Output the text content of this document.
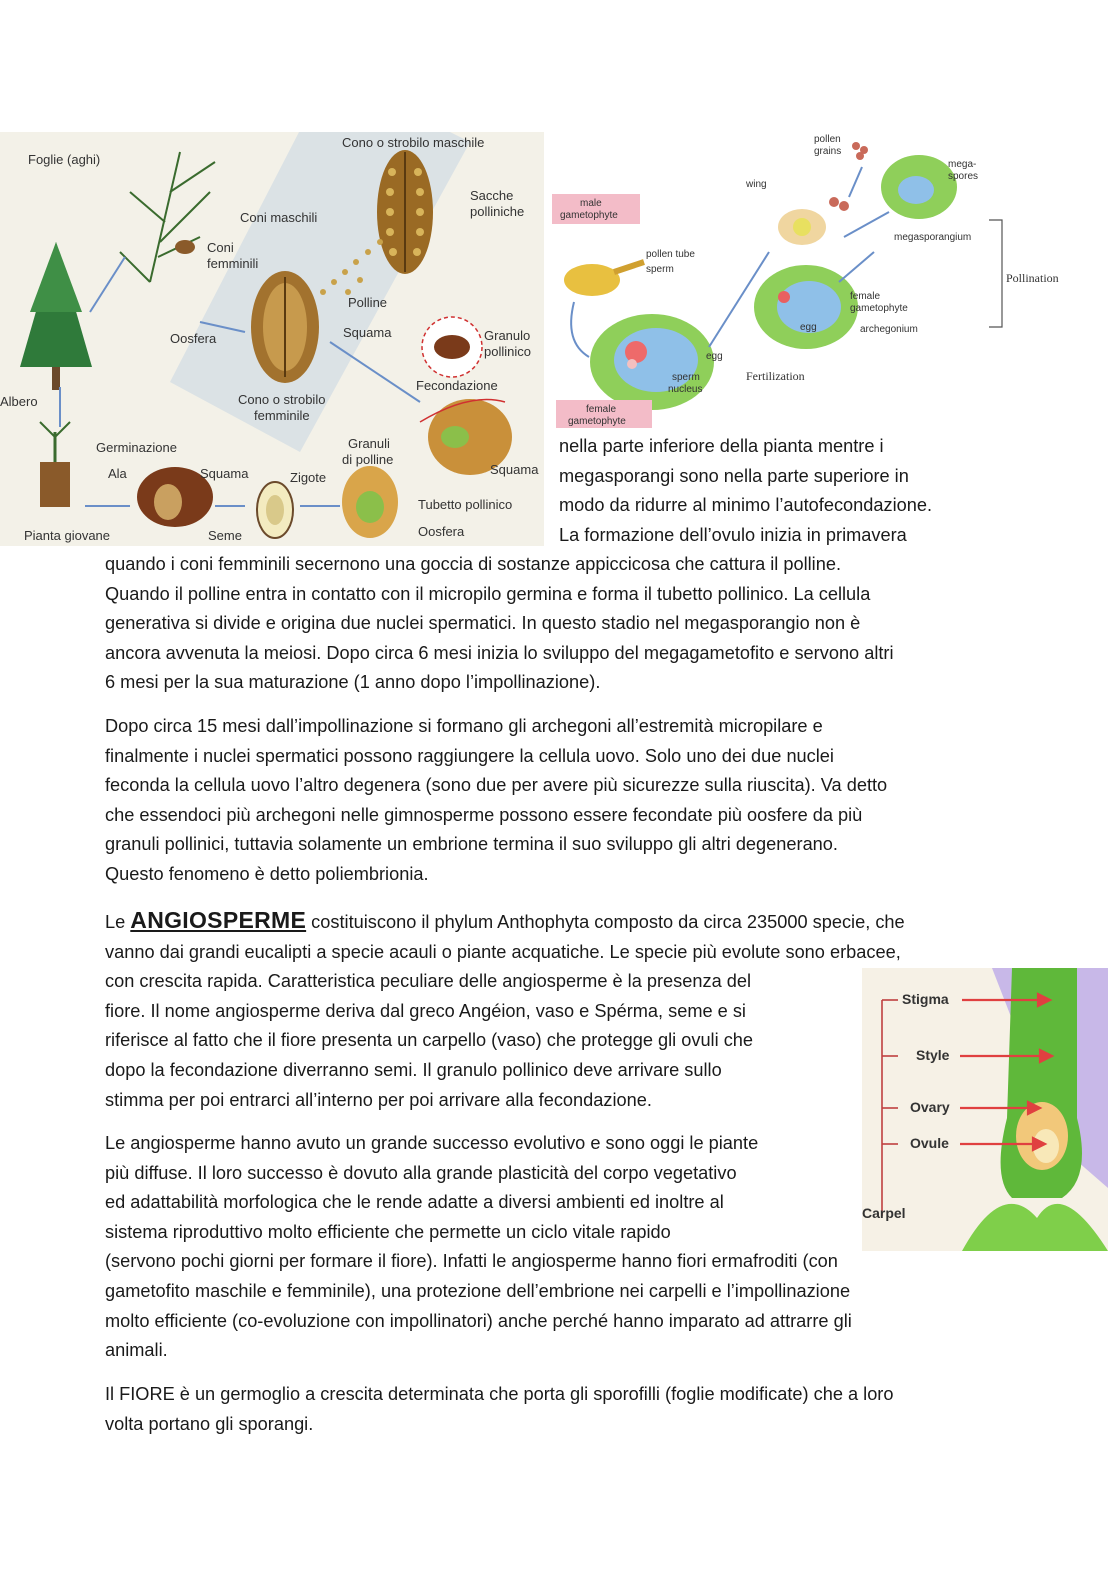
Foglie (aghi)
Cono o strobilo maschile
Sacche
polliniche
Coni maschili
Coni
femminili
Polline
Oosfera	Squama	Granulo
pollinico
Albero	Cono o strobilo
femminile
Fecondazione
Germinazione	Granuli
di polline
Ala	Squama	Zigote
Squama
Tubetto pollinico
Pianta giovane	Seme	Oosfera
pollen
grains
mega-
spores
wing
male
gametophyte
megasporangium
pollen tube
sperm
Pollination
female
gametophyte
egg	archegonium
egg
sperm
nucleus
Fertilization
female
gametophyte
Stigma
Style
Ovary
Ovule
Carpel
nella parte inferiore della pianta mentre i
megasporangi sono nella parte superiore in
modo da ridurre al minimo l’autofecondazione.
La formazione dell’ovulo inizia in primavera
quando i coni femminili secernono una goccia di sostanze appiccicosa che cattura il polline.
Quando il polline entra in contatto con il micropilo germina e forma il tubetto pollinico. La cellula
generativa si divide e origina due nuclei spermatici. In questo stadio nel megasporangio non è
ancora avvenuta la meiosi. Dopo circa 6 mesi inizia lo sviluppo del megagametofito e servono altri
6 mesi per la sua maturazione (1 anno dopo l’impollinazione).
Dopo circa 15 mesi dall’impollinazione si formano gli archegoni all’estremità micropilare e
finalmente i nuclei spermatici possono raggiungere la cellula uovo. Solo uno dei due nuclei
feconda la cellula uovo l’altro degenera (sono due per avere più sicurezze sulla riuscita). Va detto
che essendoci più archegoni nelle gimnosperme possono essere fecondate più oosfere da più
granuli pollinici, tuttavia solamente un embrione termina il suo sviluppo gli altri degenerano.
Questo fenomeno è detto poliembrionia.
Le ANGIOSPERME costituiscono il phylum Anthophyta composto da circa 235000 specie, che
vanno dai grandi eucalipti a specie acauli o piante acquatiche. Le specie più evolute sono erbacee,
con crescita rapida. Caratteristica peculiare delle angiosperme è la presenza del
fiore. Il nome angiosperme deriva dal greco Angéion, vaso e Spérma, seme e si
riferisce al fatto che il fiore presenta un carpello (vaso) che protegge gli ovuli che
dopo la fecondazione diverranno semi. Il granulo pollinico deve arrivare sullo
stimma per poi entrarci all’interno per poi arrivare alla fecondazione.
Le angiosperme hanno avuto un grande successo evolutivo e sono oggi le piante
più diffuse. Il loro successo è dovuto alla grande plasticità del corpo vegetativo
ed adattabilità morfologica che le rende adatte a diversi ambienti ed inoltre al
sistema riproduttivo molto efficiente che permette un ciclo vitale rapido
(servono pochi giorni per formare il fiore). Infatti le angiosperme hanno fiori ermafroditi (con
gametofito maschile e femminile), una protezione dell’embrione nei carpelli e l’impollinazione
molto efficiente (co-evoluzione con impollinatori) anche perché hanno imparato ad attrarre gli
animali.
Il FIORE è un germoglio a crescita determinata che porta gli sporofilli (foglie modificate) che a loro
volta portano gli sporangi.
